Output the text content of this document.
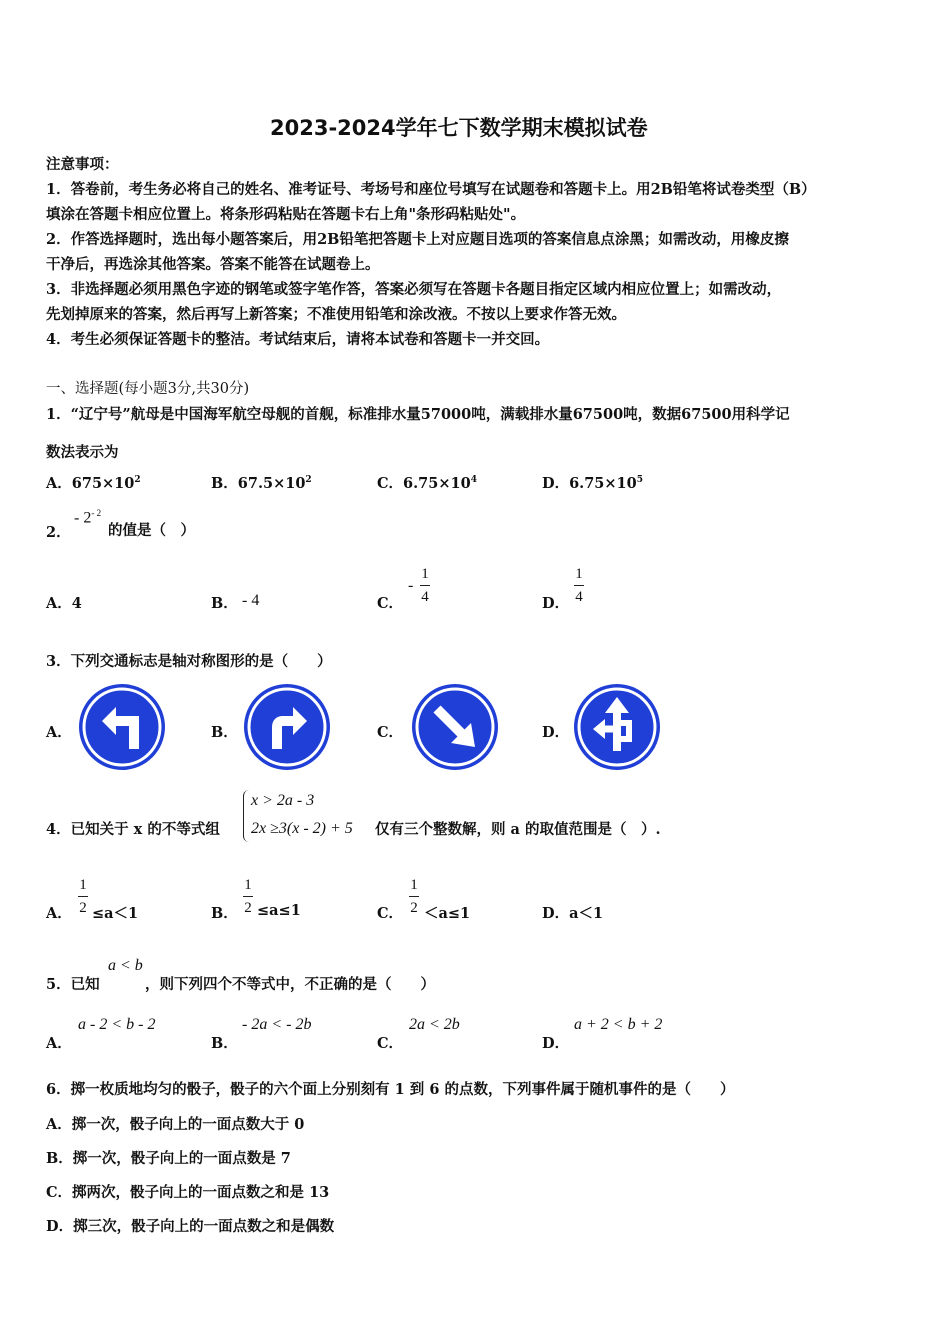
2023-2024学年七下数学期末模拟试卷
注意事项：
1．答卷前，考生务必将自己的姓名、准考证号、考场号和座位号填写在试题卷和答题卡上。用2B铅笔将试卷类型（B）
填涂在答题卡相应位置上。将条形码粘贴在答题卡右上角"条形码粘贴处"。
2．作答选择题时，选出每小题答案后，用2B铅笔把答题卡上对应题目选项的答案信息点涂黑；如需改动，用橡皮擦
干净后，再选涂其他答案。答案不能答在试题卷上。
3．非选择题必须用黑色字迹的钢笔或签字笔作答，答案必须写在答题卡各题目指定区域内相应位置上；如需改动，
先划掉原来的答案，然后再写上新答案；不准使用铅笔和涂改液。不按以上要求作答无效。
4．考生必须保证答题卡的整洁。考试结束后，请将本试卷和答题卡一并交回。
一、选择题(每小题3分,共30分)
1．“辽宁号”航母是中国海军航空母舰的首舰，标准排水量57000吨，满载排水量67500吨，数据67500用科学记
数法表示为
A．$675\times 10^2$	B．$67.5\times 10^2$	C．$6.75\times 10^4$	D．$6.75\times 10^5$
2．
- $2^{- 2}$
的值是（　）
A．4	B． - 4	C．
-
1
4	D．
1
4
3．下列交通标志是轴对称图形的是（　　）
A．	B．	C．	D．
4．已知关于 x 的不等式组
x > 2a - 3
2x ≥3(x - 2) + 5 仅有三个整数解，则 a 的取值范围是（　）.
A．
1
2 ≤a＜1	B．
1
2 ≤a≤1	C．
1
2 ＜a≤1	D．a＜1
5．已知
a < b
，则下列四个不等式中，不正确的是（　　）
A．
a - 2 < b - 2
B．
- 2a < - 2b
C．
2a < 2b
D．
a + 2 < b + 2
6．掷一枚质地均匀的骰子，骰子的六个面上分别刻有 1 到 6 的点数，下列事件属于随机事件的是（　　）
A．掷一次，骰子向上的一面点数大于 0
B．掷一次，骰子向上的一面点数是 7
C．掷两次，骰子向上的一面点数之和是 13
D．掷三次，骰子向上的一面点数之和是偶数
